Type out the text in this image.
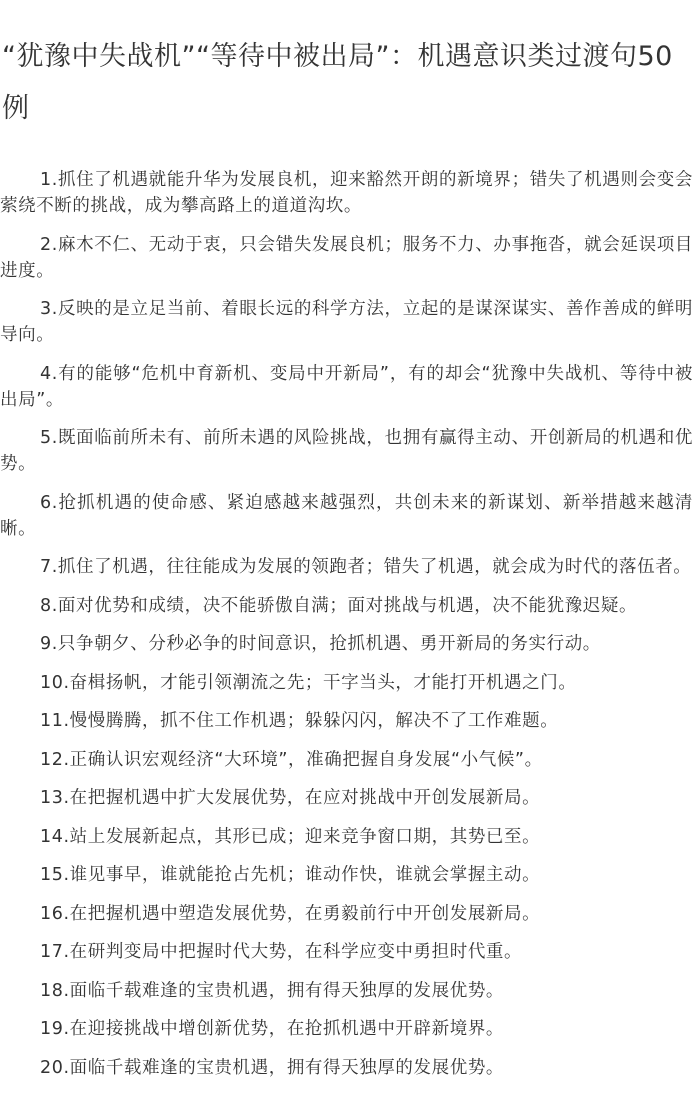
“犹豫中失战机”“等待中被出局”：机遇意识类过渡句50例

1.抓住了机遇就能升华为发展良机，迎来豁然开朗的新境界；错失了机遇则会变会萦绕不断的挑战，成为攀高路上的道道沟坎。

2.麻木不仁、无动于衷，只会错失发展良机；服务不力、办事拖沓，就会延误项目进度。

3.反映的是立足当前、着眼长远的科学方法，立起的是谋深谋实、善作善成的鲜明导向。

4.有的能够“危机中育新机、变局中开新局”，有的却会“犹豫中失战机、等待中被出局”。

5.既面临前所未有、前所未遇的风险挑战，也拥有赢得主动、开创新局的机遇和优势。

6.抢抓机遇的使命感、紧迫感越来越强烈，共创未来的新谋划、新举措越来越清晰。

7.抓住了机遇，往往能成为发展的领跑者；错失了机遇，就会成为时代的落伍者。

8.面对优势和成绩，决不能骄傲自满；面对挑战与机遇，决不能犹豫迟疑。

9.只争朝夕、分秒必争的时间意识，抢抓机遇、勇开新局的务实行动。

10.奋楫扬帆，才能引领潮流之先；干字当头，才能打开机遇之门。

11.慢慢腾腾，抓不住工作机遇；躲躲闪闪，解决不了工作难题。

12.正确认识宏观经济“大环境”，准确把握自身发展“小气候”。

13.在把握机遇中扩大发展优势，在应对挑战中开创发展新局。

14.站上发展新起点，其形已成；迎来竞争窗口期，其势已至。

15.谁见事早，谁就能抢占先机；谁动作快，谁就会掌握主动。

16.在把握机遇中塑造发展优势，在勇毅前行中开创发展新局。

17.在研判变局中把握时代大势，在科学应变中勇担时代重。

18.面临千载难逢的宝贵机遇，拥有得天独厚的发展优势。

19.在迎接挑战中增创新优势，在抢抓机遇中开辟新境界。

20.面临千载难逢的宝贵机遇，拥有得天独厚的发展优势。
